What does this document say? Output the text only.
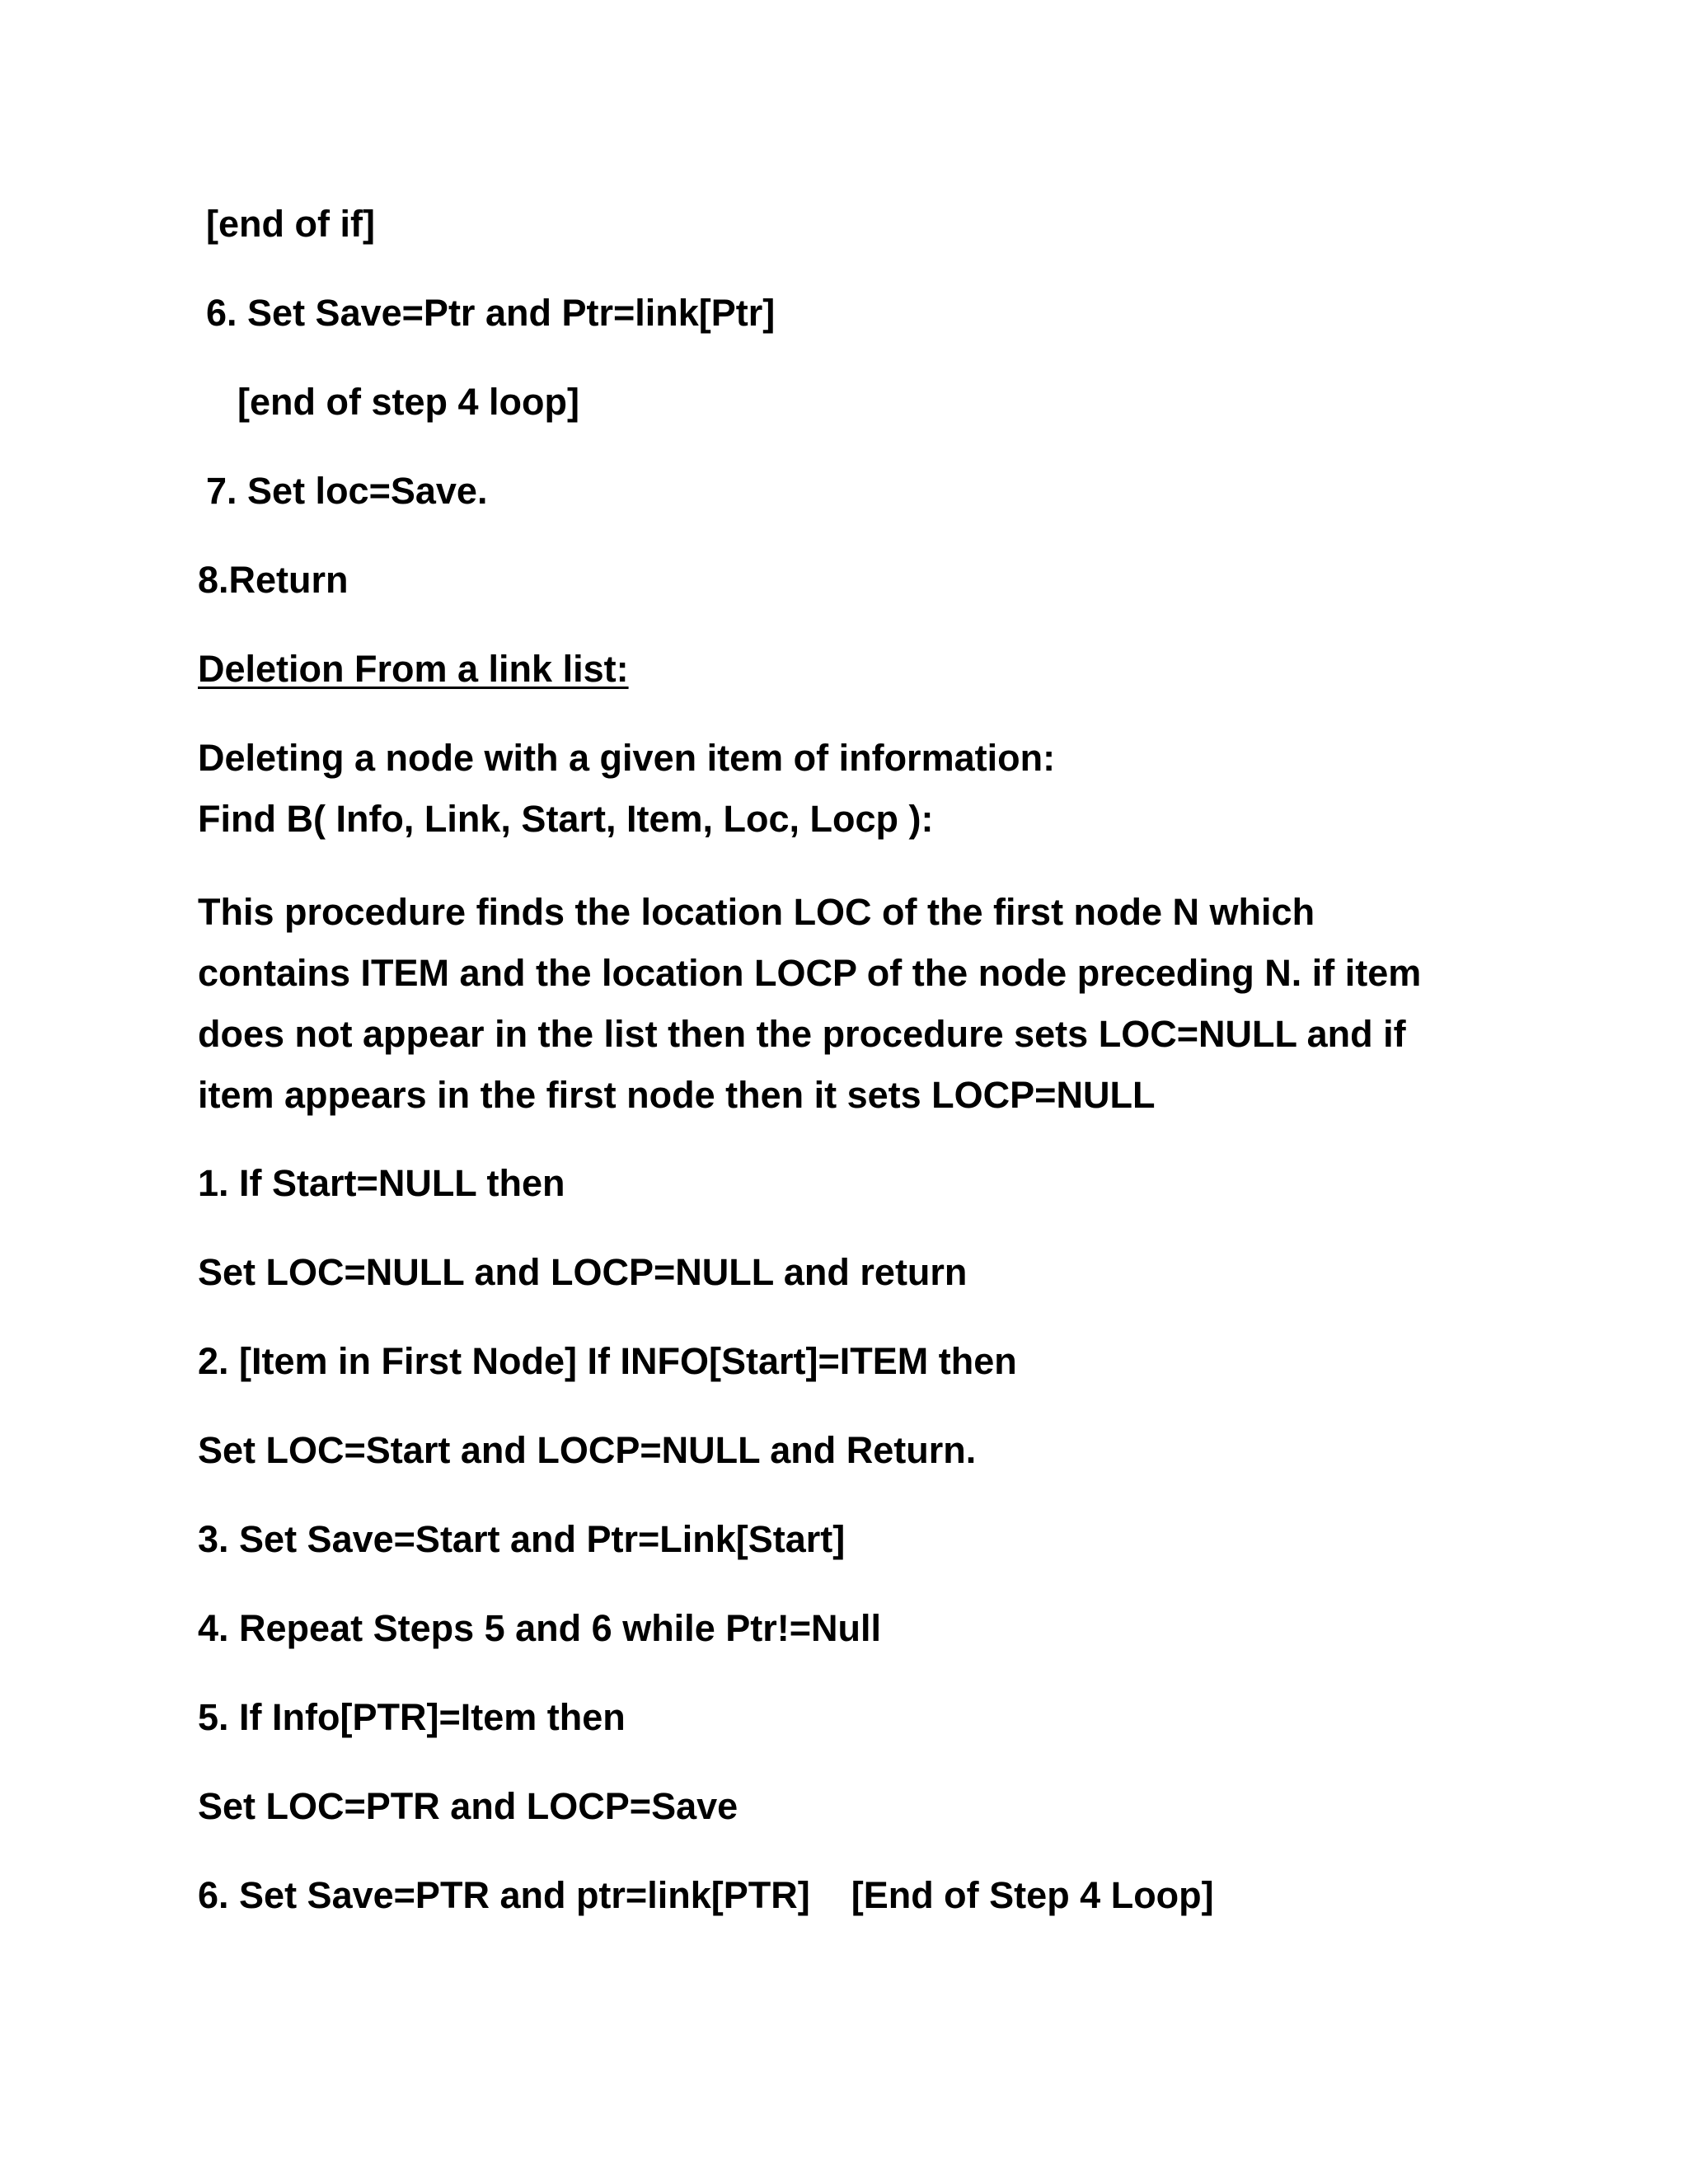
[end of if]

6. Set Save=Ptr and Ptr=link[Ptr]

[end of step 4 loop]

7. Set loc=Save.

8.Return

Deletion From a link list:

Deleting a node with a given item of information:

Find B( Info, Link, Start, Item, Loc, Locp ):

This procedure finds the location LOC of the first node N which
contains ITEM and the location LOCP of the node preceding N. if item
does not appear in the list then the procedure sets LOC=NULL and if
item appears in the first node then it sets LOCP=NULL

1. If Start=NULL then

Set LOC=NULL and LOCP=NULL and return

2. [Item in First Node] If INFO[Start]=ITEM then

Set LOC=Start and LOCP=NULL and Return.

3. Set Save=Start and Ptr=Link[Start]

4. Repeat Steps 5 and 6 while Ptr!=Null

5. If Info[PTR]=Item then

Set LOC=PTR and LOCP=Save

6. Set Save=PTR and ptr=link[PTR]    [End of Step 4 Loop]
